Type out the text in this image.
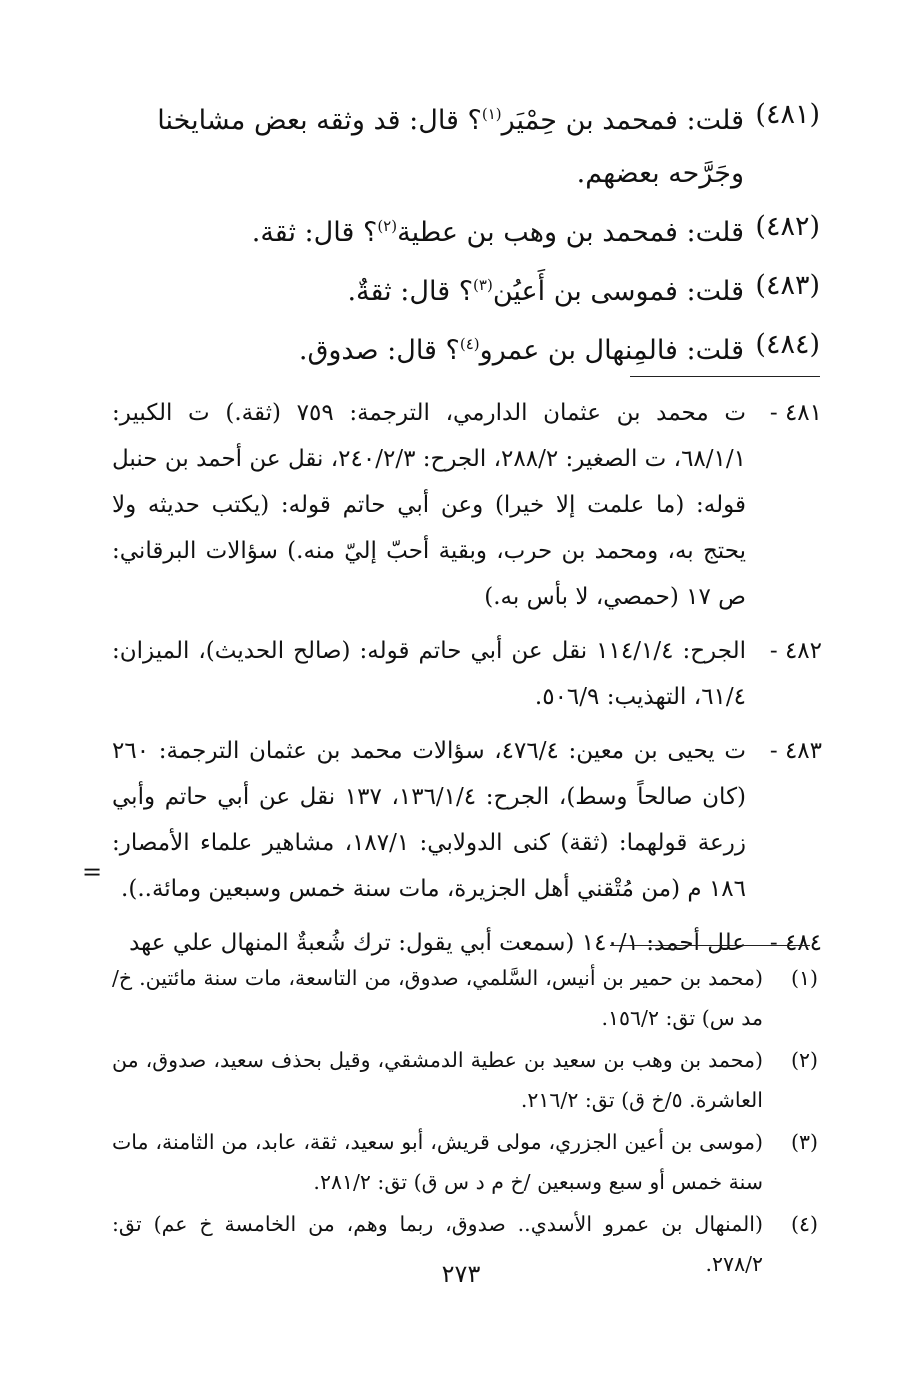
(٤٨١)
قلت: فمحمد بن حِمْيَر$^{(١)}$؟ قال: قد وثقه بعض مشايخنا وجَرَّحه بعضهم.
(٤٨٢)
قلت: فمحمد بن وهب بن عطية$^{(٢)}$؟ قال: ثقة.
(٤٨٣)
قلت: فموسى بن أَعيُن$^{(٣)}$؟ قال: ثقةٌ.
(٤٨٤)
قلت: فالمِنهال بن عمرو$^{(٤)}$؟ قال: صدوق.
٤٨١ -
ت محمد بن عثمان الدارمي، الترجمة: ٧٥٩ (ثقة.) ت الكبير: ٦٨/١/١، ت الصغير: ٢٨٨/٢، الجرح: ٢٤٠/٢/٣، نقل عن أحمد بن حنبل قوله: (ما علمت إلا خيرا) وعن أبي حاتم قوله: (يكتب حديثه ولا يحتج به، ومحمد بن حرب، وبقية أحبّ إليّ منه.) سؤالات البرقاني: ص ١٧ (حمصي، لا بأس به.)
٤٨٢ -
الجرح: ١١٤/١/٤ نقل عن أبي حاتم قوله: (صالح الحديث)، الميزان: ٦١/٤، التهذيب: ٥٠٦/٩.
٤٨٣ -
ت يحيى بن معين: ٤٧٦/٤، سؤالات محمد بن عثمان الترجمة: ٢٦٠ (كان صالحاً وسط)، الجرح: ١٣٦/١/٤، ١٣٧ نقل عن أبي حاتم وأبي زرعة قولهما: (ثقة) كنى الدولابي: ١٨٧/١، مشاهير علماء الأمصار: ١٨٦ م (من مُتْقني أهل الجزيرة، مات سنة خمس وسبعين ومائة..).
٤٨٤ -
علل أحمد: ١٤٠/١ (سمعت أبي يقول: ترك شُعبةٌ المنهال علي عهد
=
(١)
(محمد بن حمير بن أنيس، السَّلمي، صدوق، من التاسعة، مات سنة مائتين. خ/مد س) تق: ١٥٦/٢.
(٢)
(محمد بن وهب بن سعيد بن عطية الدمشقي، وقيل بحذف سعيد، صدوق، من العاشرة. ٥/خ ق) تق: ٢١٦/٢.
(٣)
(موسى بن أعين الجزري، مولى قريش، أبو سعيد، ثقة، عابد، من الثامنة، مات سنة خمس أو سبع وسبعين /خ م د س ق) تق: ٢٨١/٢.
(٤)
(المنهال بن عمرو الأسدي.. صدوق، ربما وهم، من الخامسة خ عم) تق: ٢٧٨/٢.
٢٧٣
